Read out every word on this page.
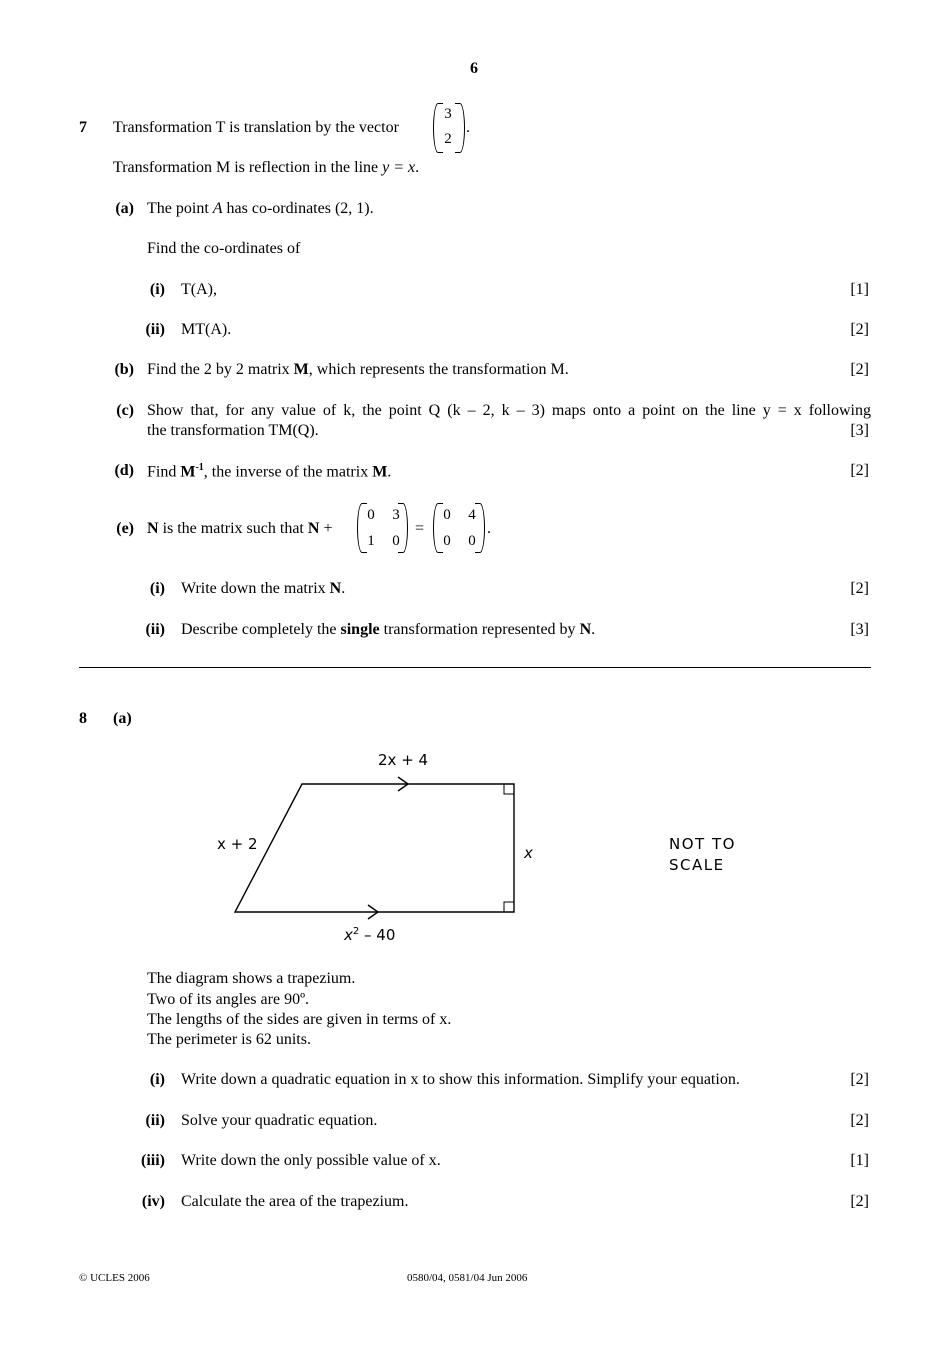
6
7 Transformation T is translation by the vector
3
2
.
Transformation M is reflection in the line y = x.
(a) The point A has co-ordinates (2, 1).
Find the co-ordinates of
(i) T(A),	[1]
(ii) MT(A).	[2]
(b) Find the 2 by 2 matrix M, which represents the transformation M.	[2]
(c) Show that, for any value of k, the point Q (k – 2, k – 3) maps onto a point on the line y = x following
the transformation TM(Q).	[3]
(d) Find $M^{-1}$, the inverse of the matrix M.	[2]
(e) N is the matrix such that N +
0 3
1 0
=
0 4
0 0
.
(i) Write down the matrix N.	[2]
(ii) Describe completely the single transformation represented by N.	[3]
8 (a)
2x + 4
x + 2	x
$x^2 - 40$
NOT TO
SCALE
The diagram shows a trapezium.
Two of its angles are 90º.
The lengths of the sides are given in terms of x.
The perimeter is 62 units.
(i) Write down a quadratic equation in x to show this information. Simplify your equation.	[2]
(ii) Solve your quadratic equation.	[2]
(iii) Write down the only possible value of x.	[1]
(iv) Calculate the area of the trapezium.	[2]
© UCLES 2006	0580/04, 0581/04 Jun 2006
